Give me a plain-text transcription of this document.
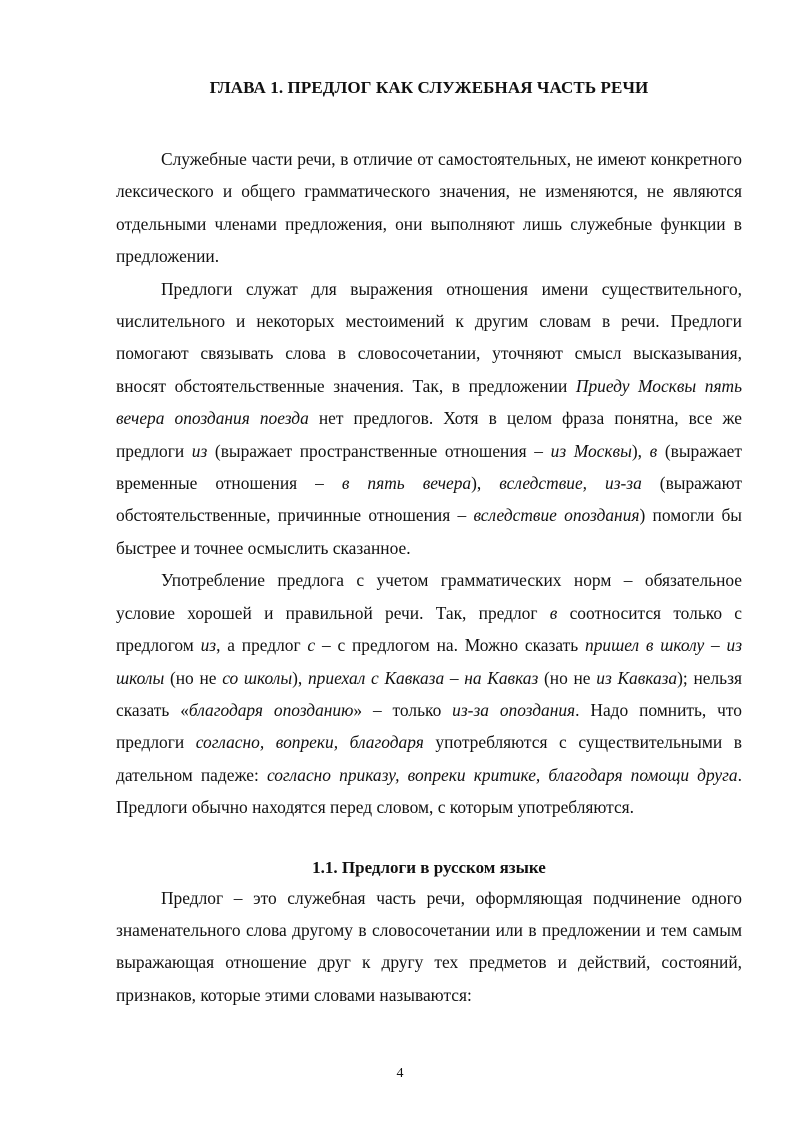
ГЛАВА 1. ПРЕДЛОГ КАК СЛУЖЕБНАЯ ЧАСТЬ РЕЧИ

Служебные части речи, в отличие от самостоятельных, не имеют конкретного лексического и общего грамматического значения, не изменяются, не являются отдельными членами предложения, они выполняют лишь служебные функции в предложении.

Предлоги служат для выражения отношения имени существительного, числительного и некоторых местоимений к другим словам в речи. Предлоги помогают связывать слова в словосочетании, уточняют смысл высказывания, вносят обстоятельственные значения. Так, в предложении Приеду Москвы пять вечера опоздания поезда нет предлогов. Хотя в целом фраза понятна, все же предлоги из (выражает пространственные отношения – из Москвы), в (выражает временные отношения – в пять вечера), вследствие, из-за (выражают обстоятельственные, причинные отношения – вследствие опоздания) помогли бы быстрее и точнее осмыслить сказанное.

Употребление предлога с учетом грамматических норм – обязательное условие хорошей и правильной речи. Так, предлог в соотносится только с предлогом из, а предлог с – с предлогом на. Можно сказать пришел в школу – из школы (но не со школы), приехал с Кавказа – на Кавказ (но не из Кавказа); нельзя сказать «благодаря опозданию» – только из-за опоздания. Надо помнить, что предлоги согласно, вопреки, благодаря употребляются с существительными в дательном падеже: согласно приказу, вопреки критике, благодаря помощи друга. Предлоги обычно находятся перед словом, с которым употребляются.

1.1. Предлоги в русском языке

Предлог – это служебная часть речи, оформляющая подчинение одного знаменательного слова другому в словосочетании или в предложении и тем самым выражающая отношение друг к другу тех предметов и действий, состояний, признаков, которые этими словами называются:

4
